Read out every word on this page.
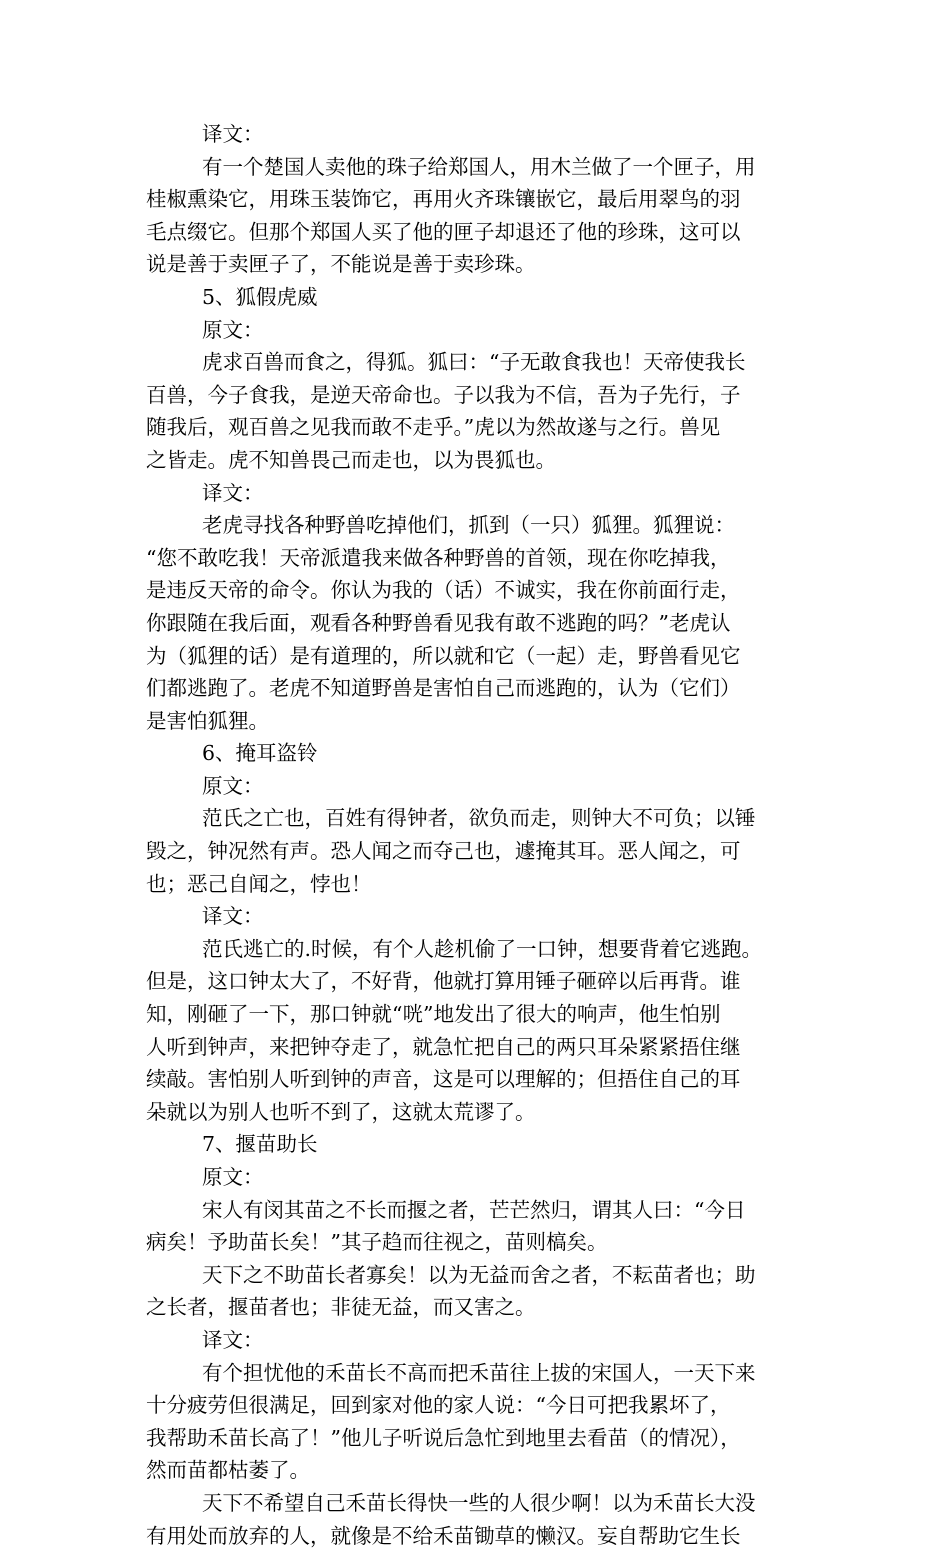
译文：
有一个楚国人卖他的珠子给郑国人，用木兰做了一个匣子，用
桂椒熏染它，用珠玉装饰它，再用火齐珠镶嵌它，最后用翠鸟的羽
毛点缀它。但那个郑国人买了他的匣子却退还了他的珍珠，这可以
说是善于卖匣子了，不能说是善于卖珍珠。
5、狐假虎威
原文：
虎求百兽而食之，得狐。狐曰：“子无敢食我也！天帝使我长
百兽，今子食我，是逆天帝命也。子以我为不信，吾为子先行，子
随我后，观百兽之见我而敢不走乎。”虎以为然故遂与之行。兽见
之皆走。虎不知兽畏己而走也，以为畏狐也。
译文：
老虎寻找各种野兽吃掉他们，抓到（一只）狐狸。狐狸说：
“您不敢吃我！天帝派遣我来做各种野兽的首领，现在你吃掉我，
是违反天帝的命令。你认为我的（话）不诚实，我在你前面行走，
你跟随在我后面，观看各种野兽看见我有敢不逃跑的吗？”老虎认
为（狐狸的话）是有道理的，所以就和它（一起）走，野兽看见它
们都逃跑了。老虎不知道野兽是害怕自己而逃跑的，认为（它们）
是害怕狐狸。
6、掩耳盗铃
原文：
范氏之亡也，百姓有得钟者，欲负而走，则钟大不可负；以锤
毁之，钟况然有声。恐人闻之而夺己也，遽掩其耳。恶人闻之，可
也；恶己自闻之，悖也！
译文：
范氏逃亡的.时候，有个人趁机偷了一口钟，想要背着它逃跑。
但是，这口钟太大了，不好背，他就打算用锤子砸碎以后再背。谁
知，刚砸了一下，那口钟就“咣”地发出了很大的响声，他生怕别
人听到钟声，来把钟夺走了，就急忙把自己的两只耳朵紧紧捂住继
续敲。害怕别人听到钟的声音，这是可以理解的；但捂住自己的耳
朵就以为别人也听不到了，这就太荒谬了。
7、揠苗助长
原文：
宋人有闵其苗之不长而揠之者，芒芒然归，谓其人曰：“今日
病矣！予助苗长矣！”其子趋而往视之，苗则槁矣。
天下之不助苗长者寡矣！以为无益而舍之者，不耘苗者也；助
之长者，揠苗者也；非徒无益，而又害之。
译文：
有个担忧他的禾苗长不高而把禾苗往上拔的宋国人，一天下来
十分疲劳但很满足，回到家对他的家人说：“今日可把我累坏了，
我帮助禾苗长高了！”他儿子听说后急忙到地里去看苗（的情况），
然而苗都枯萎了。
天下不希望自己禾苗长得快一些的人很少啊！以为禾苗长大没
有用处而放弃的人，就像是不给禾苗锄草的懒汉。妄自帮助它生长
